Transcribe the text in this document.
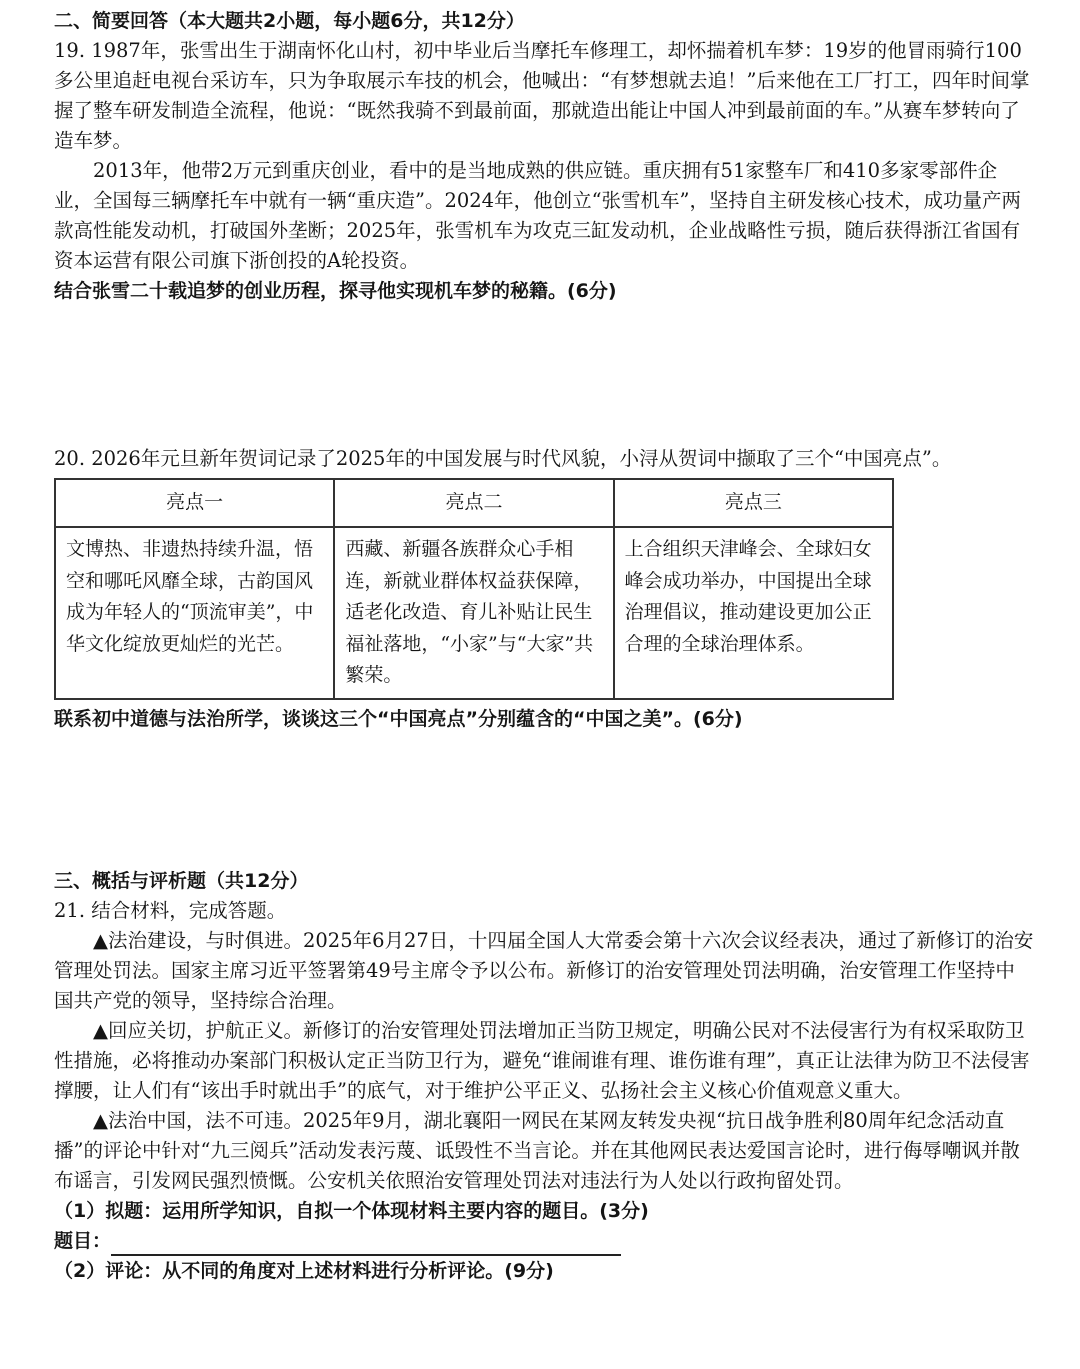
二、简要回答（本大题共2小题，每小题6分，共12分）

19. 1987年，张雪出生于湖南怀化山村，初中毕业后当摩托车修理工，却怀揣着机车梦：19岁的他冒雨骑行100多公里追赶电视台采访车，只为争取展示车技的机会，他喊出：“有梦想就去追！”后来他在工厂打工，四年时间掌握了整车研发制造全流程，他说：“既然我骑不到最前面，那就造出能让中国人冲到最前面的车。”从赛车梦转向了造车梦。

2013年，他带2万元到重庆创业，看中的是当地成熟的供应链。重庆拥有51家整车厂和410多家零部件企业，全国每三辆摩托车中就有一辆“重庆造”。2024年，他创立“张雪机车”，坚持自主研发核心技术，成功量产两款高性能发动机，打破国外垄断；2025年，张雪机车为攻克三缸发动机，企业战略性亏损，随后获得浙江省国有资本运营有限公司旗下浙创投的A轮投资。

结合张雪二十载追梦的创业历程，探寻他实现机车梦的秘籍。(6分)

20. 2026年元旦新年贺词记录了2025年的中国发展与时代风貌，小浔从贺词中撷取了三个“中国亮点”。

亮点一	亮点二	亮点三
文博热、非遗热持续升温，悟空和哪吒风靡全球，古韵国风成为年轻人的“顶流审美”，中华文化绽放更灿烂的光芒。	西藏、新疆各族群众心手相连，新就业群体权益获保障，适老化改造、育儿补贴让民生福祉落地，“小家”与“大家”共繁荣。	上合组织天津峰会、全球妇女峰会成功举办，中国提出全球治理倡议，推动建设更加公正合理的全球治理体系。

联系初中道德与法治所学，谈谈这三个“中国亮点”分别蕴含的“中国之美”。(6分)

三、概括与评析题（共12分）

21. 结合材料，完成答题。

▲法治建设，与时俱进。2025年6月27日，十四届全国人大常委会第十六次会议经表决，通过了新修订的治安管理处罚法。国家主席习近平签署第49号主席令予以公布。新修订的治安管理处罚法明确，治安管理工作坚持中国共产党的领导，坚持综合治理。

▲回应关切，护航正义。新修订的治安管理处罚法增加正当防卫规定，明确公民对不法侵害行为有权采取防卫性措施，必将推动办案部门积极认定正当防卫行为，避免“谁闹谁有理、谁伤谁有理”，真正让法律为防卫不法侵害撑腰，让人们有“该出手时就出手”的底气，对于维护公平正义、弘扬社会主义核心价值观意义重大。

▲法治中国，法不可违。2025年9月，湖北襄阳一网民在某网友转发央视“抗日战争胜利80周年纪念活动直播”的评论中针对“九三阅兵”活动发表污蔑、诋毁性不当言论。并在其他网民表达爱国言论时，进行侮辱嘲讽并散布谣言，引发网民强烈愤慨。公安机关依照治安管理处罚法对违法行为人处以行政拘留处罚。

（1）拟题：运用所学知识，自拟一个体现材料主要内容的题目。(3分)

题目：

（2）评论：从不同的角度对上述材料进行分析评论。(9分)
